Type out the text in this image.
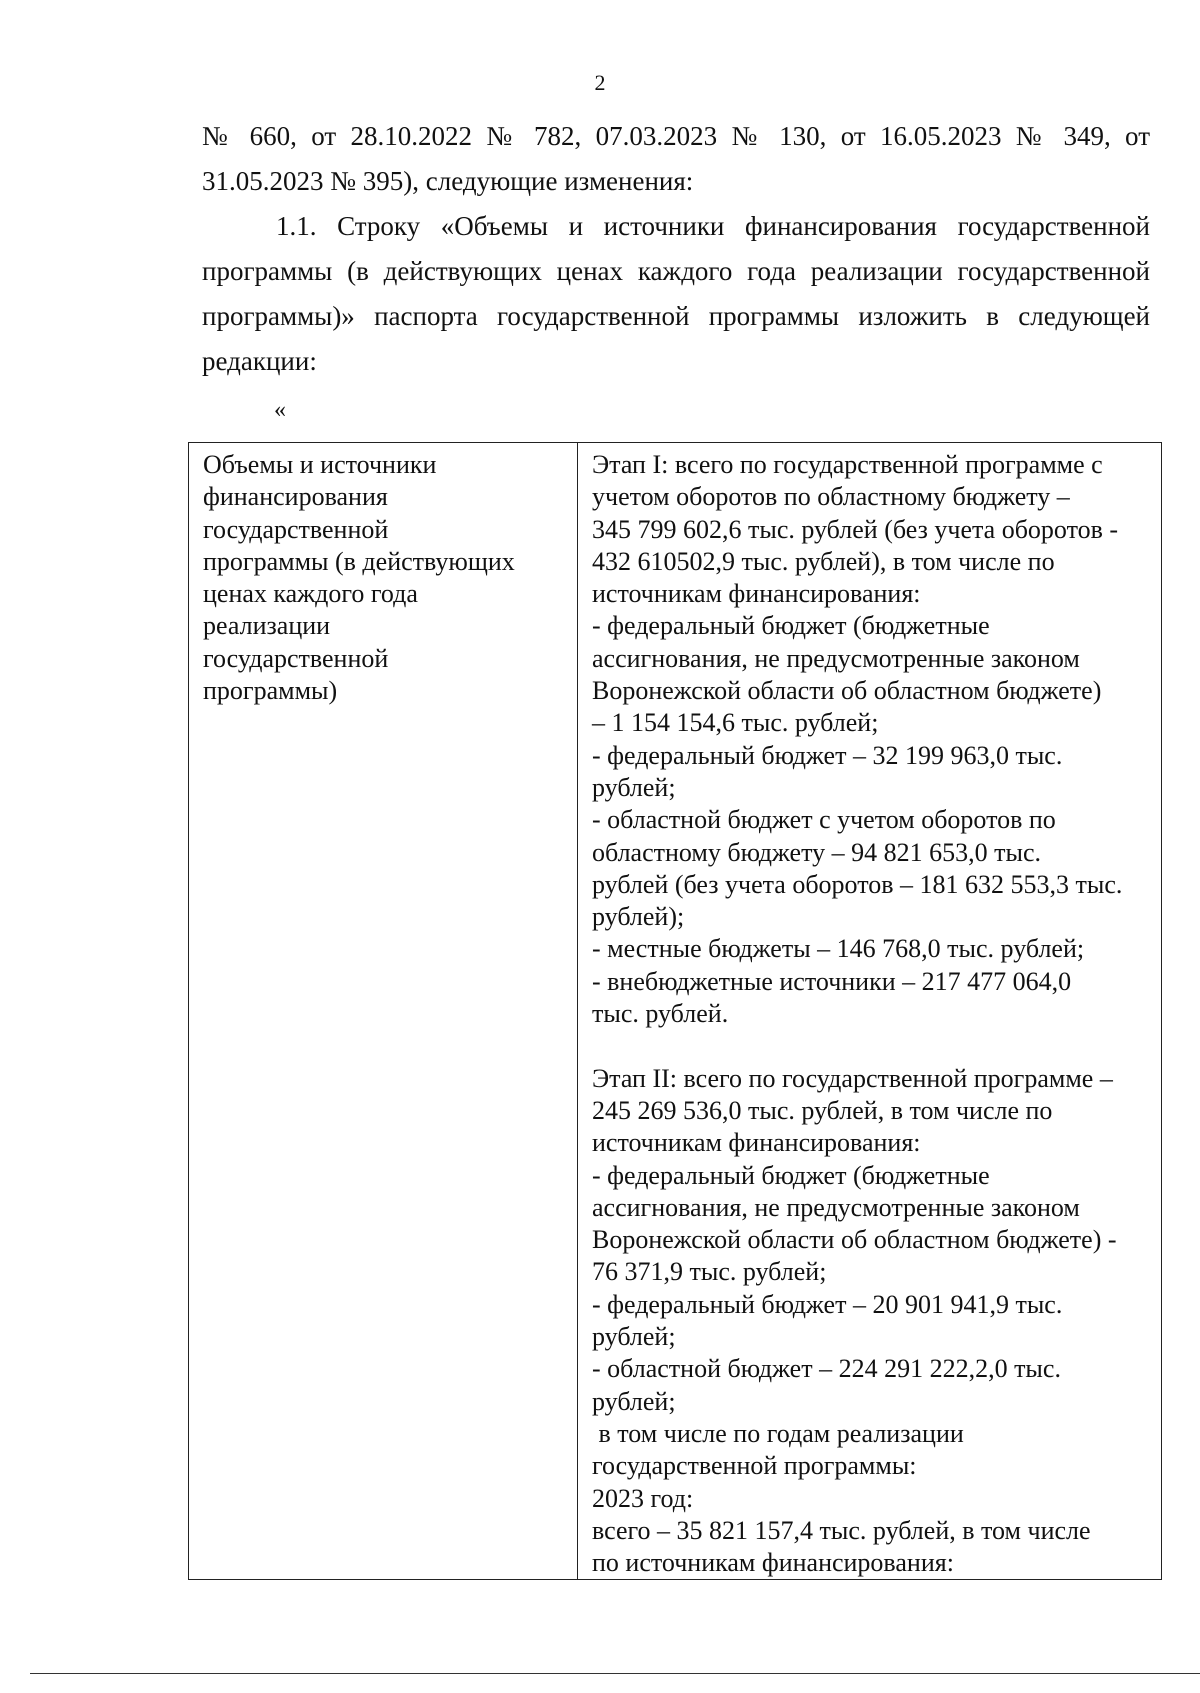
2

№ 660, от 28.10.2022 № 782, 07.03.2023 № 130, от 16.05.2023 № 349, от

31.05.2023 № 395), следующие изменения:

1.1. Строку «Объемы и источники финансирования государственной

программы (в действующих ценах каждого года реализации государственной

программы)» паспорта государственной программы изложить в следующей

редакции:

«
Объемы и источники
финансирования
государственной
программы (в действующих
ценах каждого года
реализации
государственной
программы)

Этап I: всего по государственной программе с
учетом оборотов по областному бюджету –
345 799 602,6 тыс. рублей (без учета оборотов -
432 610502,9 тыс. рублей), в том числе по
источникам финансирования:
- федеральный бюджет (бюджетные
ассигнования, не предусмотренные законом
Воронежской области об областном бюджете)
– 1 154 154,6 тыс. рублей;
- федеральный бюджет – 32 199 963,0 тыс.
рублей;
- областной бюджет с учетом оборотов по
областному бюджету – 94 821 653,0 тыс.
рублей (без учета оборотов – 181 632 553,3 тыс.
рублей);
- местные бюджеты – 146 768,0 тыс. рублей;
- внебюджетные источники – 217 477 064,0
тыс. рублей.
Этап II: всего по государственной программе –
245 269 536,0 тыс. рублей, в том числе по
источникам финансирования:
- федеральный бюджет (бюджетные
ассигнования, не предусмотренные законом
Воронежской области об областном бюджете) -
76 371,9 тыс. рублей;
- федеральный бюджет – 20 901 941,9 тыс.
рублей;
- областной бюджет – 224 291 222,2,0 тыс.
рублей;
в том числе по годам реализации
государственной программы:
2023 год:
всего – 35 821 157,4 тыс. рублей, в том числе
по источникам финансирования:
